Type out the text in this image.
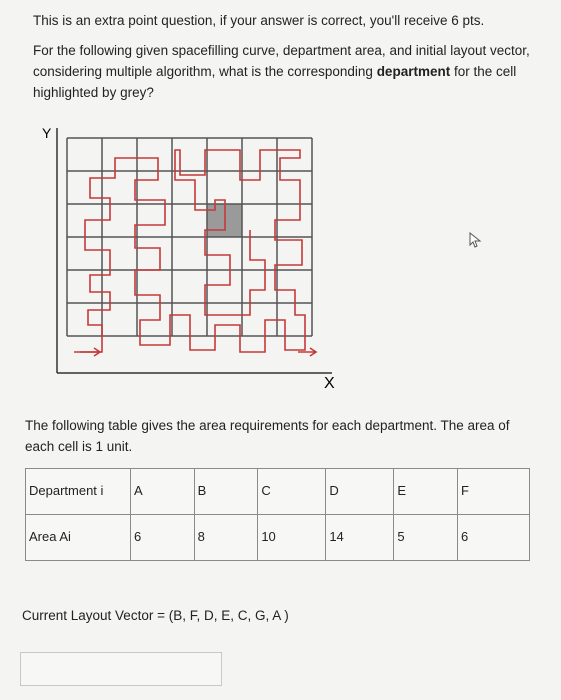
This is an extra point question, if your answer is correct, you'll receive 6 pts.

For the following given spacefilling curve, department area, and initial layout vector, considering multiple algorithm, what is the corresponding department for the cell highlighted by grey?

Y
X

The following table gives the area requirements for each department. The area of each cell is 1 unit.

Department i	A	B	C	D	E	F
Area Ai	6	8	10	14	5	6

Current Layout Vector = (B, F, D, E, C, G, A )
